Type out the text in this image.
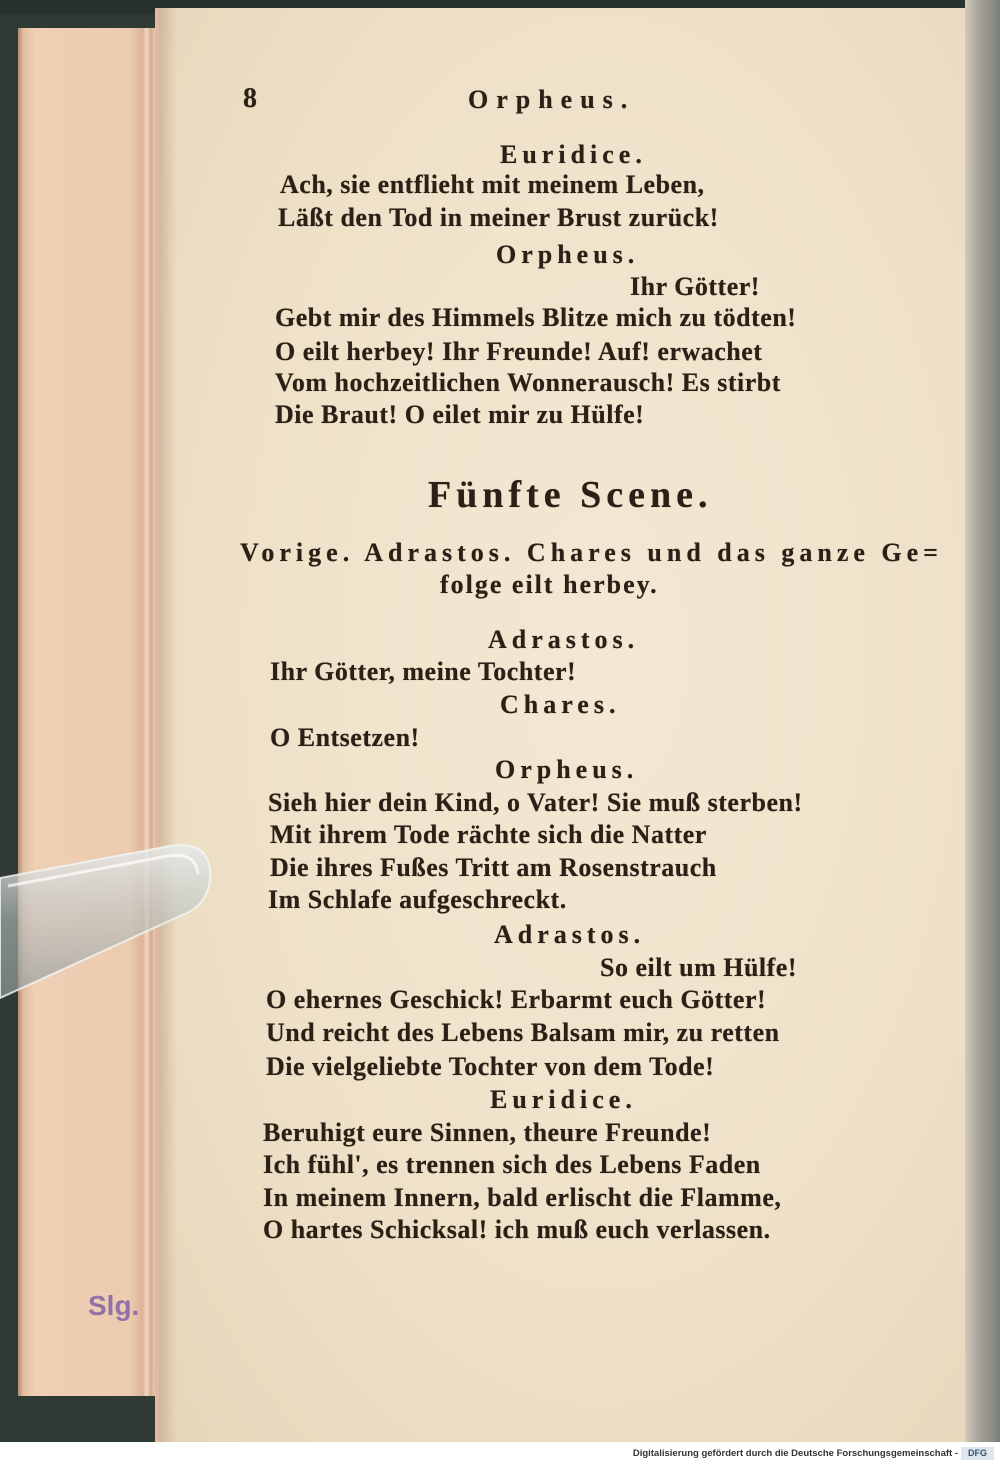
8	Orpheus.
Euridice.
Ach, sie entflieht mit meinem Leben,
Läßt den Tod in meiner Brust zurück!
Orpheus.
Ihr Götter!
Gebt mir des Himmels Blitze mich zu tödten!
O eilt herbey! Ihr Freunde! Auf! erwachet
Vom hochzeitlichen Wonnerausch! Es stirbt
Die Braut! O eilet mir zu Hülfe!
Fünfte Scene.
Vorige. Adrastos. Chares und das ganze Ge=
folge eilt herbey.
Adrastos.
Ihr Götter, meine Tochter!
Chares.
O Entsetzen!
Orpheus.
Sieh hier dein Kind, o Vater! Sie muß sterben!
Mit ihrem Tode rächte sich die Natter
Die ihres Fußes Tritt am Rosenstrauch
Im Schlafe aufgeschreckt.
Adrastos.
So eilt um Hülfe!
O ehernes Geschick! Erbarmt euch Götter!
Und reicht des Lebens Balsam mir, zu retten
Die vielgeliebte Tochter von dem Tode!
Euridice.
Beruhigt eure Sinnen, theure Freunde!
Ich fühl', es trennen sich des Lebens Faden
In meinem Innern, bald erlischt die Flamme,
O hartes Schicksal! ich muß euch verlassen.
Slg.
Digitalisierung gefördert durch die Deutsche Forschungsgemeinschaft -	DFG
